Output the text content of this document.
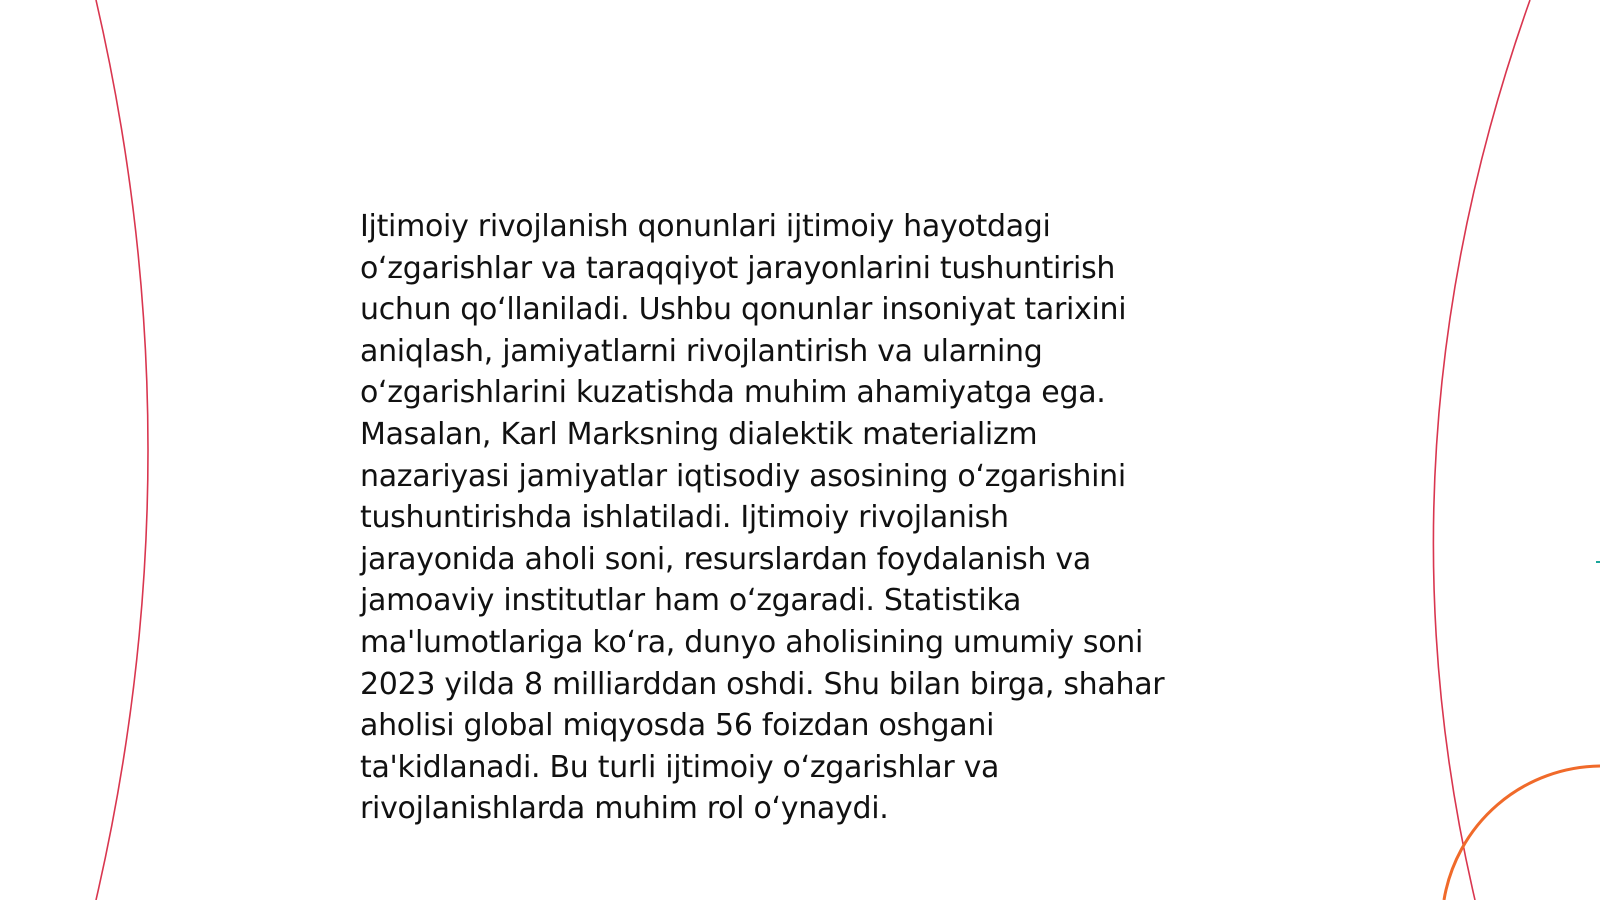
Ijtimoiy rivojlanish qonunlari ijtimoiy hayotdagi
o‘zgarishlar va taraqqiyot jarayonlarini tushuntirish
uchun qo‘llaniladi. Ushbu qonunlar insoniyat tarixini
aniqlash, jamiyatlarni rivojlantirish va ularning
o‘zgarishlarini kuzatishda muhim ahamiyatga ega.
Masalan, Karl Marksning dialektik materializm
nazariyasi jamiyatlar iqtisodiy asosining o‘zgarishini
tushuntirishda ishlatiladi. Ijtimoiy rivojlanish
jarayonida aholi soni, resurslardan foydalanish va
jamoaviy institutlar ham o‘zgaradi. Statistika
ma'lumotlariga ko‘ra, dunyo aholisining umumiy soni
2023 yilda 8 milliarddan oshdi. Shu bilan birga, shahar
aholisi global miqyosda 56 foizdan oshgani
ta'kidlanadi. Bu turli ijtimoiy o‘zgarishlar va
rivojlanishlarda muhim rol o‘ynaydi.
